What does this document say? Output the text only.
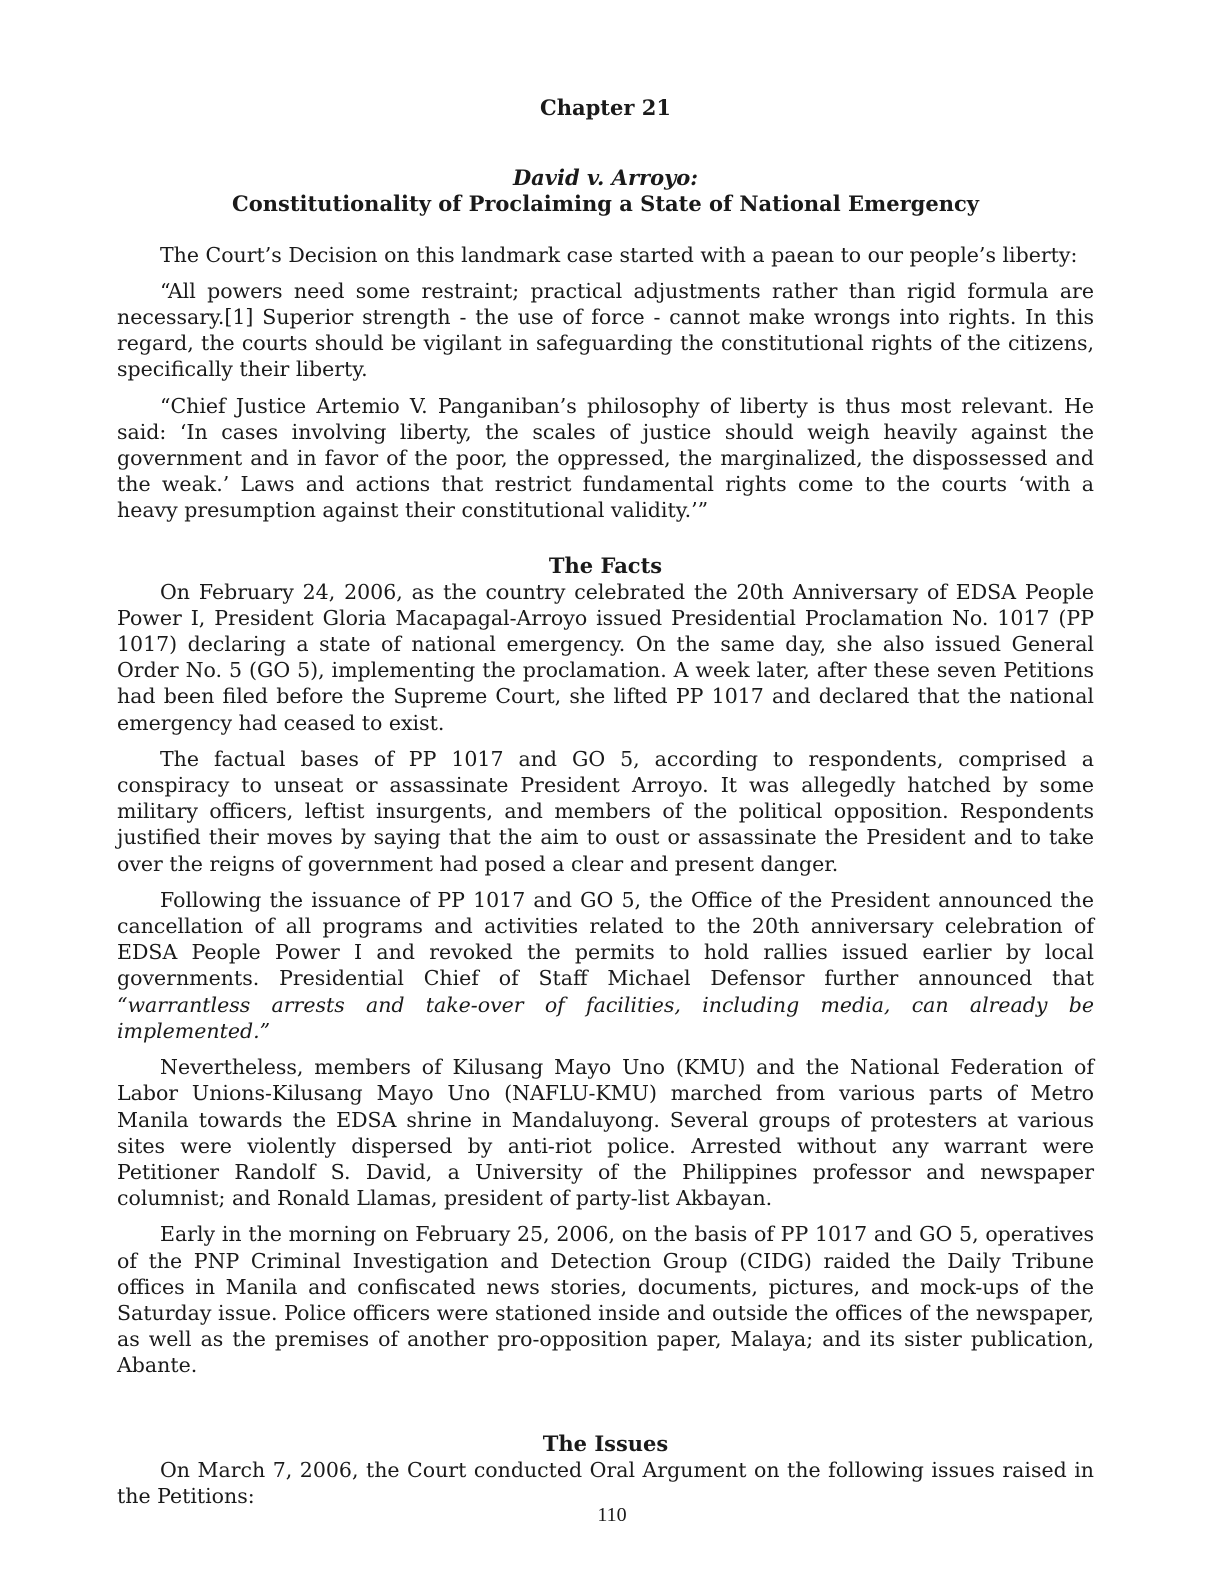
Chapter 21
David v. Arroyo:
Constitutionality of Proclaiming a State of National Emergency

The Court’s Decision on this landmark case started with a paean to our people’s liberty:

“All powers need some restraint; practical adjustments rather than rigid formula are necessary.[1] Superior strength - the use of force - cannot make wrongs into rights. In this regard, the courts should be vigilant in safeguarding the constitutional rights of the citizens, specifically their liberty.

“Chief Justice Artemio V. Panganiban’s philosophy of liberty is thus most relevant. He said: ‘In cases involving liberty, the scales of justice should weigh heavily against the government and in favor of the poor, the oppressed, the marginalized, the dispossessed and the weak.’ Laws and actions that restrict fundamental rights come to the courts ‘with a heavy presumption against their constitutional validity.’”

The Facts

On February 24, 2006, as the country celebrated the 20th Anniversary of EDSA People Power I, President Gloria Macapagal-Arroyo issued Presidential Proclamation No. 1017 (PP 1017) declaring a state of national emergency. On the same day, she also issued General Order No. 5 (GO 5), implementing the proclamation. A week later, after these seven Petitions had been filed before the Supreme Court, she lifted PP 1017 and declared that the national emergency had ceased to exist.

The factual bases of PP 1017 and GO 5, according to respondents, comprised a conspiracy to unseat or assassinate President Arroyo. It was allegedly hatched by some military officers, leftist insurgents, and members of the political opposition. Respondents justified their moves by saying that the aim to oust or assassinate the President and to take over the reigns of government had posed a clear and present danger.

Following the issuance of PP 1017 and GO 5, the Office of the President announced the cancellation of all programs and activities related to the 20th anniversary celebration of EDSA People Power I and revoked the permits to hold rallies issued earlier by local governments. Presidential Chief of Staff Michael Defensor further announced that “warrantless arrests and take-over of facilities, including media, can already be implemented.”

Nevertheless, members of Kilusang Mayo Uno (KMU) and the National Federation of Labor Unions-Kilusang Mayo Uno (NAFLU-KMU) marched from various parts of Metro Manila towards the EDSA shrine in Mandaluyong. Several groups of protesters at various sites were violently dispersed by anti-riot police. Arrested without any warrant were Petitioner Randolf S. David, a University of the Philippines professor and newspaper columnist; and Ronald Llamas, president of party-list Akbayan.

Early in the morning on February 25, 2006, on the basis of PP 1017 and GO 5, operatives of the PNP Criminal Investigation and Detection Group (CIDG) raided the Daily Tribune offices in Manila and confiscated news stories, documents, pictures, and mock-ups of the Saturday issue. Police officers were stationed inside and outside the offices of the newspaper, as well as the premises of another pro-opposition paper, Malaya; and its sister publication, Abante.

The Issues

On March 7, 2006, the Court conducted Oral Argument on the following issues raised in the Petitions:

110
